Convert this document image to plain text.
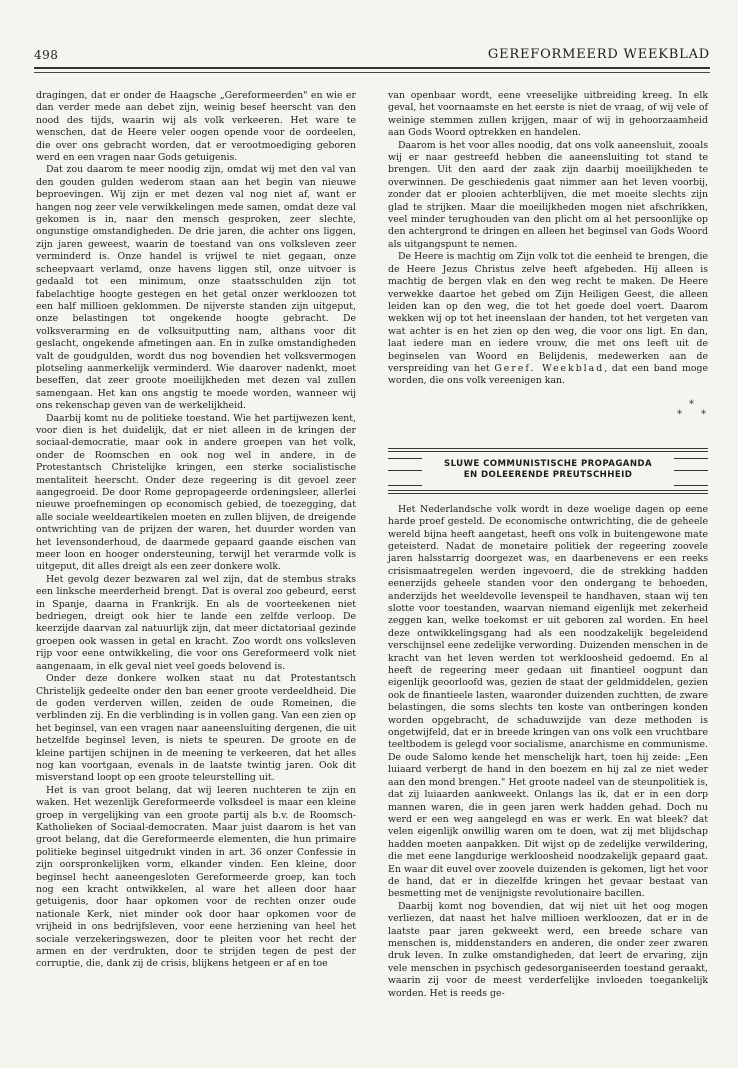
498	GEREFORMEERD WEEKBLAD

dragingen, dat er onder de Haagsche „Gereformeerden" en wie er dan verder mede aan debet zijn, weinig besef heerscht van den nood des tijds, waarin wij als volk verkeeren. Het ware te wenschen, dat de Heere veler oogen opende voor de oordeelen, die over ons gebracht worden, dat er verootmoediging geboren werd en een vragen naar Gods getuigenis.

Dat zou daarom te meer noodig zijn, omdat wij met den val van den gouden gulden wederom staan aan het begin van nieuwe beproevingen. Wij zijn er met dezen val nog niet af, want er hangen nog zeer vele verwikkelingen mede samen, omdat deze val gekomen is in, naar den mensch gesproken, zeer slechte, ongunstige omstandigheden. De drie jaren, die achter ons liggen, zijn jaren geweest, waarin de toestand van ons volksleven zeer verminderd is. Onze handel is vrijwel te niet gegaan, onze scheepvaart verlamd, onze havens liggen stil, onze uitvoer is gedaald tot een minimum, onze staatsschulden zijn tot fabelachtige hoogte gestegen en het getal onzer werkloozen tot een half millioen geklommen. De nijverste standen zijn uitgeput, onze belastingen tot ongekende hoogte gebracht. De volksverarming en de volksuitputting nam, althans voor dit geslacht, ongekende afmetingen aan. En in zulke omstandigheden valt de goudgulden, wordt dus nog bovendien het volksvermogen plotseling aanmerkelijk verminderd. Wie daarover nadenkt, moet beseffen, dat zeer groote moeilijkheden met dezen val zullen samengaan. Het kan ons angstig te moede worden, wanneer wij ons rekenschap geven van de werkelijkheid.

Daarbij komt nu de politieke toestand. Wie het partijwezen kent, voor dien is het duidelijk, dat er niet alleen in de kringen der sociaal-democratie, maar ook in andere groepen van het volk, onder de Roomschen en ook nog wel in andere, in de Protestantsch Christelijke kringen, een sterke socialistische mentaliteit heerscht. Onder deze regeering is dit gevoel zeer aangegroeid. De door Rome gepropageerde ordeningsleer, allerlei nieuwe proefnemingen op economisch gebied, de toezegging, dat alle sociale weeldeartikelen moeten en zullen blijven, de dreigende ontwrichting van de prijzen der waren, het duurder worden van het levensonderhoud, de daarmede gepaard gaande eischen van meer loon en hooger ondersteuning, terwijl het verarmde volk is uitgeput, dit alles dreigt als een zeer donkere wolk.

Het gevolg dezer bezwaren zal wel zijn, dat de stembus straks een linksche meerderheid brengt. Dat is overal zoo gebeurd, eerst in Spanje, daarna in Frankrijk. En als de voorteekenen niet bedriegen, dreigt ook hier te lande een zelfde verloop. De keerzijde daarvan zal natuurlijk zijn, dat meer dictatoriaal gezinde groepen ook wassen in getal en kracht. Zoo wordt ons volksleven rijp voor eene ontwikkeling, die voor ons Gereformeerd volk niet aangenaam, in elk geval niet veel goeds belovend is.

Onder deze donkere wolken staat nu dat Protestantsch Christelijk gedeelte onder den ban eener groote verdeeldheid. Die de goden verderven willen, zeiden de oude Romeinen, die verblinden zij. En die verblinding is in vollen gang. Van een zien op het beginsel, van een vragen naar aaneensluiting dergenen, die uit hetzelfde beginsel leven, is niets te speuren. De groote en de kleine partijen schijnen in de meening te verkeeren, dat het alles nog kan voortgaan, evenals in de laatste twintig jaren. Ook dit misverstand loopt op een groote teleurstelling uit.

Het is van groot belang, dat wij leeren nuchteren te zijn en waken. Het wezenlijk Gereformeerde volksdeel is maar een kleine groep in vergelijking van een groote partij als b.v. de Roomsch-Katholieken of Sociaal-democraten. Maar juist daarom is het van groot belang, dat die Gereformeerde elementen, die hun primaire politieke beginsel uitgedrukt vinden in art. 36 onzer Confessie in zijn oorspronkelijken vorm, elkander vinden. Een kleine, door beginsel hecht aaneengesloten Gereformeerde groep, kan toch nog een kracht ontwikkelen, al ware het alleen door haar getuigenis, door haar opkomen voor de rechten onzer oude nationale Kerk, niet minder ook door haar opkomen voor de vrijheid in ons bedrijfsleven, voor eene herziening van heel het sociale verzekeringswezen, door te pleiten voor het recht der armen en der verdrukten, door te strijden tegen de pest der corruptie, die, dank zij de crisis, blijkens hetgeen er af en toe

van openbaar wordt, eene vreeselijke uitbreiding kreeg. In elk geval, het voornaamste en het eerste is niet de vraag, of wij vele of weinige stemmen zullen krijgen, maar of wij in gehoorzaamheid aan Gods Woord optrekken en handelen.

Daarom is het voor alles noodig, dat ons volk aaneensluit, zooals wij er naar gestreefd hebben die aaneensluiting tot stand te brengen. Uit den aard der zaak zijn daarbij moeilijkheden te overwinnen. De geschiedenis gaat nimmer aan het leven voorbij, zonder dat er plooien achterblijven, die met moeite slechts zijn glad te strijken. Maar die moeilijkheden mogen niet afschrikken, veel minder terughouden van den plicht om al het persoonlijke op den achtergrond te dringen en alleen het beginsel van Gods Woord als uitgangspunt te nemen.

De Heere is machtig om Zijn volk tot die eenheid te brengen, die de Heere Jezus Christus zelve heeft afgebeden. Hij alleen is machtig de bergen vlak en den weg recht te maken. De Heere verwekke daartoe het gebed om Zijn Heiligen Geest, die alleen leiden kan op den weg, die tot het goede doel voert. Daarom wekken wij op tot het ineenslaan der handen, tot het vergeten van wat achter is en het zien op den weg, die voor ons ligt. En dan, laat iedere man en iedere vrouw, die met ons leeft uit de beginselen van Woord en Belijdenis, medewerken aan de verspreiding van het Geref. Weekblad, dat een band moge worden, die ons volk vereenigen kan.

*
* *
SLUWE COMMUNISTISCHE PROPAGANDA
EN DOLEERENDE PREUTSCHHEID

Het Nederlandsche volk wordt in deze woelige dagen op eene harde proef gesteld. De economische ontwrichting, die de geheele wereld bijna heeft aangetast, heeft ons volk in buitengewone mate geteisterd. Nadat de monetaire politiek der regeering zoovele jaren halsstarrig doorgezet was, en daarbenevens er een reeks crisismaatregelen werden ingevoerd, die de strekking hadden eenerzijds geheele standen voor den ondergang te behoeden, anderzijds het weeldevolle levenspeil te handhaven, staan wij ten slotte voor toestanden, waarvan niemand eigenlijk met zekerheid zeggen kan, welke toekomst er uit geboren zal worden. En heel deze ontwikkelingsgang had als een noodzakelijk begeleidend verschijnsel eene zedelijke verwording. Duizenden menschen in de kracht van het leven werden tot werkloosheid gedoemd. En al heeft de regeering meer gedaan uit finantieel oogpunt dan eigenlijk geoorloofd was, gezien de staat der geldmiddelen, gezien ook de finantieele lasten, waaronder duizenden zuchtten, de zware belastingen, die soms slechts ten koste van ontberingen konden worden opgebracht, de schaduwzijde van deze methoden is ongetwijfeld, dat er in breede kringen van ons volk een vruchtbare teeltbodem is gelegd voor socialisme, anarchisme en communisme. De oude Salomo kende het menschelijk hart, toen hij zeide: „Een luiaard verbergt de hand in den boezem en hij zal ze niet weder aan den mond brengen." Het groote nadeel van de steunpolitiek is, dat zij luiaarden aankweekt. Onlangs las ik, dat er in een dorp mannen waren, die in geen jaren werk hadden gehad. Doch nu werd er een weg aangelegd en was er werk. En wat bleek? dat velen eigenlijk onwillig waren om te doen, wat zij met blijdschap hadden moeten aanpakken. Dit wijst op de zedelijke verwildering, die met eene langdurige werkloosheid noodzakelijk gepaard gaat. En waar dit euvel over zoovele duizenden is gekomen, ligt het voor de hand, dat er in diezelfde kringen het gevaar bestaat van besmetting met de venijnigste revolutionaire bacillen.

Daarbij komt nog bovendien, dat wij niet uit het oog mogen verliezen, dat naast het halve millioen werkloozen, dat er in de laatste paar jaren gekweekt werd, een breede schare van menschen is, middenstanders en anderen, die onder zeer zwaren druk leven. In zulke omstandigheden, dat leert de ervaring, zijn vele menschen in psychisch gedesorganiseerden toestand geraakt, waarin zij voor de meest verderfelijke invloeden toegankelijk worden. Het is reeds ge-
